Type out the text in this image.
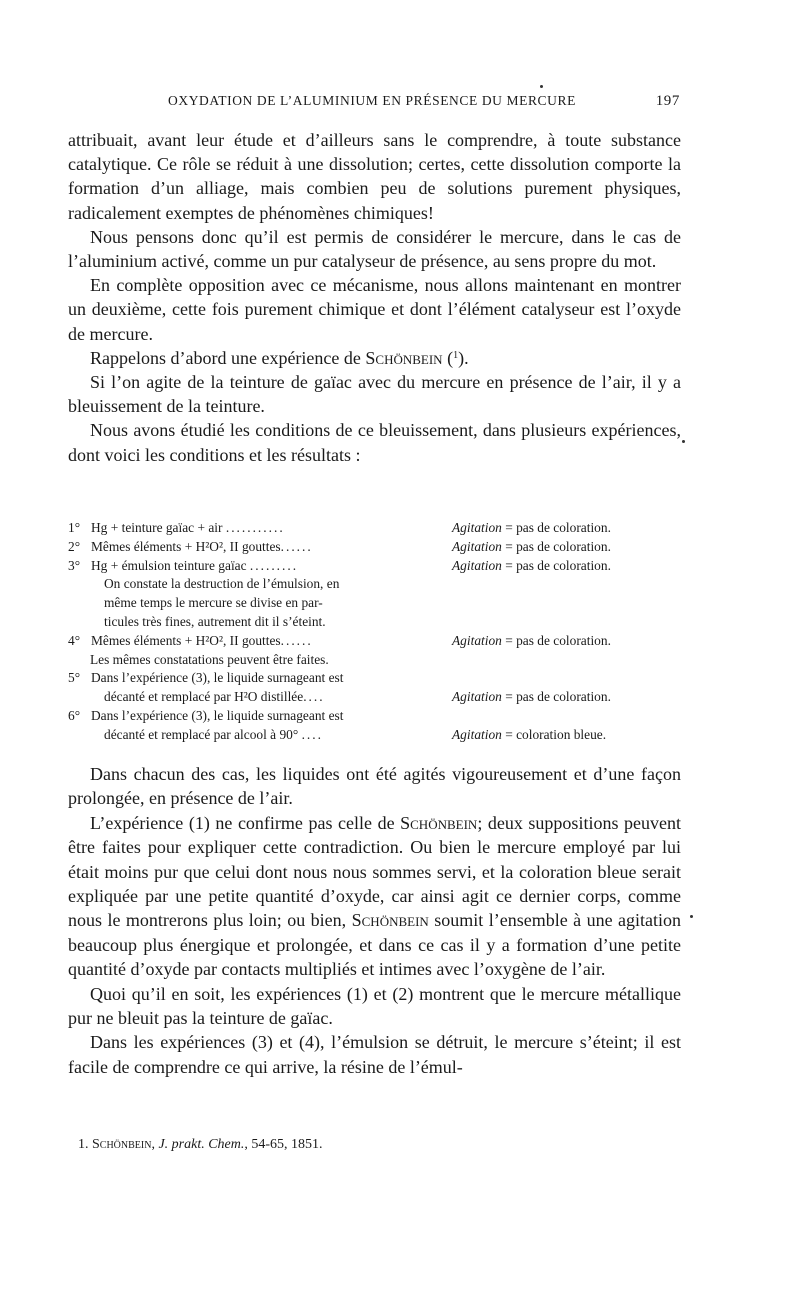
OXYDATION DE L’ALUMINIUM EN PRÉSENCE DU MERCURE	197

attribuait, avant leur étude et d’ailleurs sans le comprendre, à toute substance catalytique. Ce rôle se réduit à une dissolution; certes, cette dissolution comporte la formation d’un alliage, mais combien peu de solutions purement physiques, radicalement exemptes de phénomènes chimiques!

Nous pensons donc qu’il est permis de considérer le mercure, dans le cas de l’aluminium activé, comme un pur catalyseur de présence, au sens propre du mot.

En complète opposition avec ce mécanisme, nous allons maintenant en montrer un deuxième, cette fois purement chimique et dont l’élément catalyseur est l’oxyde de mercure.

Rappelons d’abord une expérience de Schönbein ($^1$).

Si l’on agite de la teinture de gaïac avec du mercure en présence de l’air, il y a bleuissement de la teinture.

Nous avons étudié les conditions de ce bleuissement, dans plusieurs expériences, dont voici les conditions et les résultats :

1° Hg + teinture gaïac + air ...........	Agitation = pas de coloration.
2° Mêmes éléments + H²O², II gouttes......	Agitation = pas de coloration.
3° Hg + émulsion teinture gaïac .........	Agitation = pas de coloration.
On constate la destruction de l’émulsion, en
même temps le mercure se divise en par-
ticules très fines, autrement dit il s’éteint.
4° Mêmes éléments + H²O², II gouttes......	Agitation = pas de coloration.
Les mêmes constatations peuvent être faites.
5° Dans l’expérience (3), le liquide surnageant est
décanté et remplacé par H²O distillée....	Agitation = pas de coloration.
6° Dans l’expérience (3), le liquide surnageant est
décanté et remplacé par alcool à 90° ....	Agitation = coloration bleue.

Dans chacun des cas, les liquides ont été agités vigoureusement et d’une façon prolongée, en présence de l’air.

L’expérience (1) ne confirme pas celle de Schönbein; deux suppositions peuvent être faites pour expliquer cette contradiction. Ou bien le mercure employé par lui était moins pur que celui dont nous nous sommes servi, et la coloration bleue serait expliquée par une petite quantité d’oxyde, car ainsi agit ce dernier corps, comme nous le montrerons plus loin; ou bien, Schönbein soumit l’ensemble à une agitation beaucoup plus énergique et prolongée, et dans ce cas il y a formation d’une petite quantité d’oxyde par contacts multipliés et intimes avec l’oxygène de l’air.

Quoi qu’il en soit, les expériences (1) et (2) montrent que le mercure métallique pur ne bleuit pas la teinture de gaïac.

Dans les expériences (3) et (4), l’émulsion se détruit, le mercure s’éteint; il est facile de comprendre ce qui arrive, la résine de l’émul-

1. Schönbein, J. prakt. Chem., 54-65, 1851.
